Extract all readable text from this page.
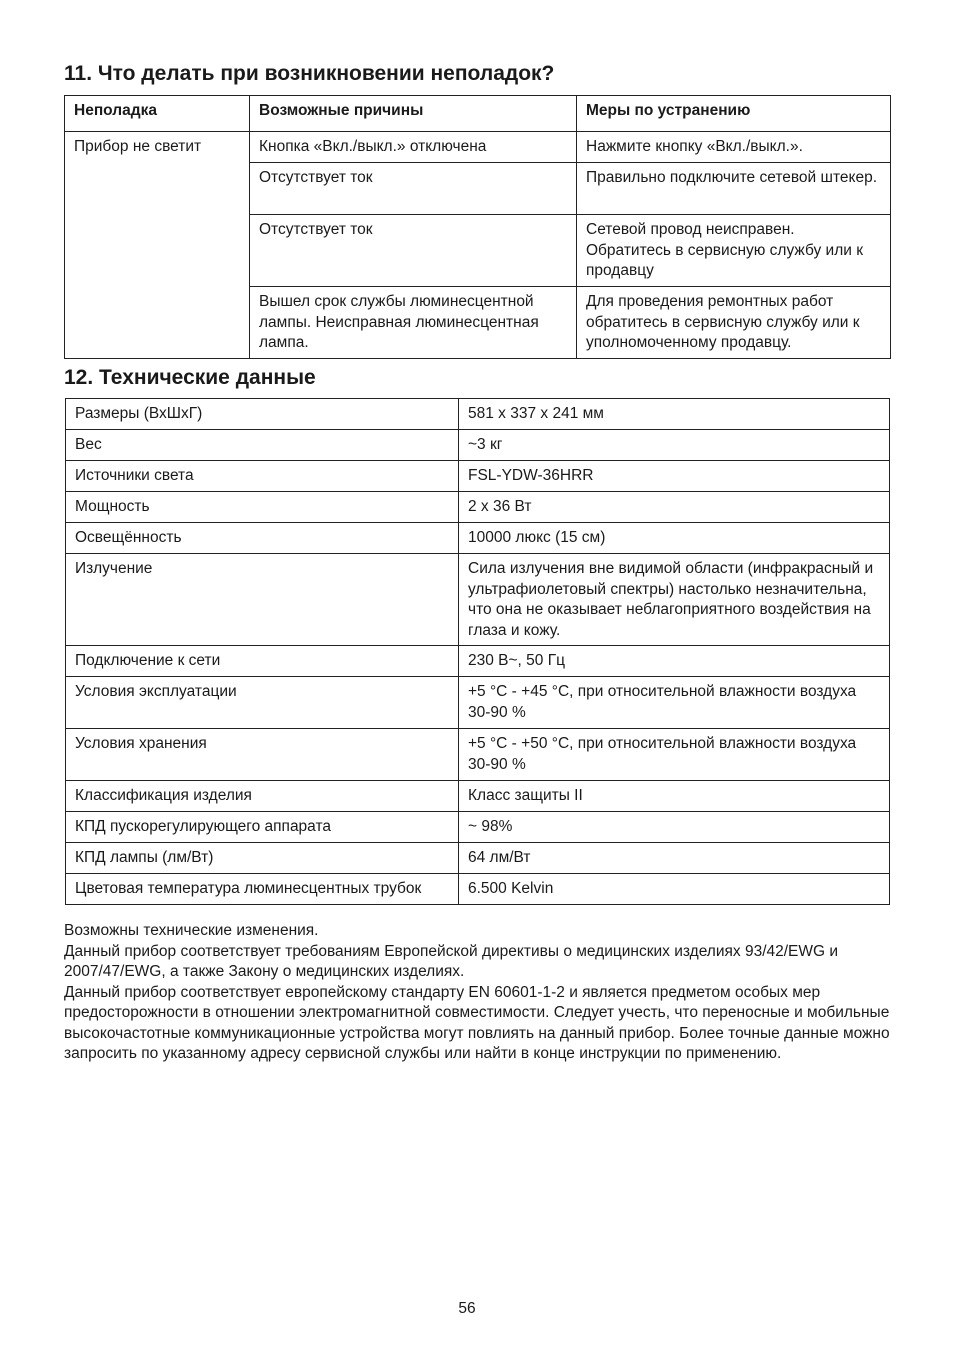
11. Что делать при возникновении неполадок?
Неполадка	Возможные причины	Меры по устранению
Прибор не светит	Кнопка «Вкл./выкл.» отключена	Нажмите кнопку «Вкл./выкл.».
	Отсутствует ток	Правильно подключите сетевой штекер.
	Отсутствует ток	Сетевой провод неисправен. Обратитесь в сервисную службу или к продавцу
	Вышел срок службы люминесцентной лампы. Неисправная люминесцентная лампа.	Для проведения ремонтных работ обратитесь в сервисную службу или к уполномоченному продавцу.
12. Технические данные
Размеры (ВхШхГ)	581 x 337 x 241 мм
Вес	~3 кг
Источники света	FSL-YDW-36HRR
Мощность	2 x 36 Вт
Освещённость	10000 люкс (15 см)
Излучение	Сила излучения вне видимой области (инфракрасный и ультрафиолетовый спектры) настолько незначительна, что она не оказывает неблагоприятного воздействия на глаза и кожу.
Подключение к сети	230 В~, 50 Гц
Условия эксплуатации	+5 °C - +45 °C, при относительной влажности воздуха 30-90 %
Условия хранения	+5 °C - +50 °C, при относительной влажности воздуха 30-90 %
Классификация изделия	Класс защиты II
КПД пускорегулирующего аппарата	~ 98%
КПД лампы (лм/Вт)	64 лм/Вт
Цветовая температура люминесцентных трубок	6.500 Kelvin

Возможны технические изменения.

Данный прибор соответствует требованиям Европейской директивы о медицинских изделиях 93/42/EWG и 2007/47/EWG, а также Закону о медицинских изделиях.

Данный прибор соответствует европейскому стандарту EN 60601-1-2 и является предметом особых мер предосторожности в отношении электромагнитной совместимости. Следует учесть, что переносные и мобильные высокочастотные коммуникационные устройства могут повлиять на данный прибор. Более точные данные можно запросить по указанному адресу сервисной службы или найти в конце инструкции по применению.

56
